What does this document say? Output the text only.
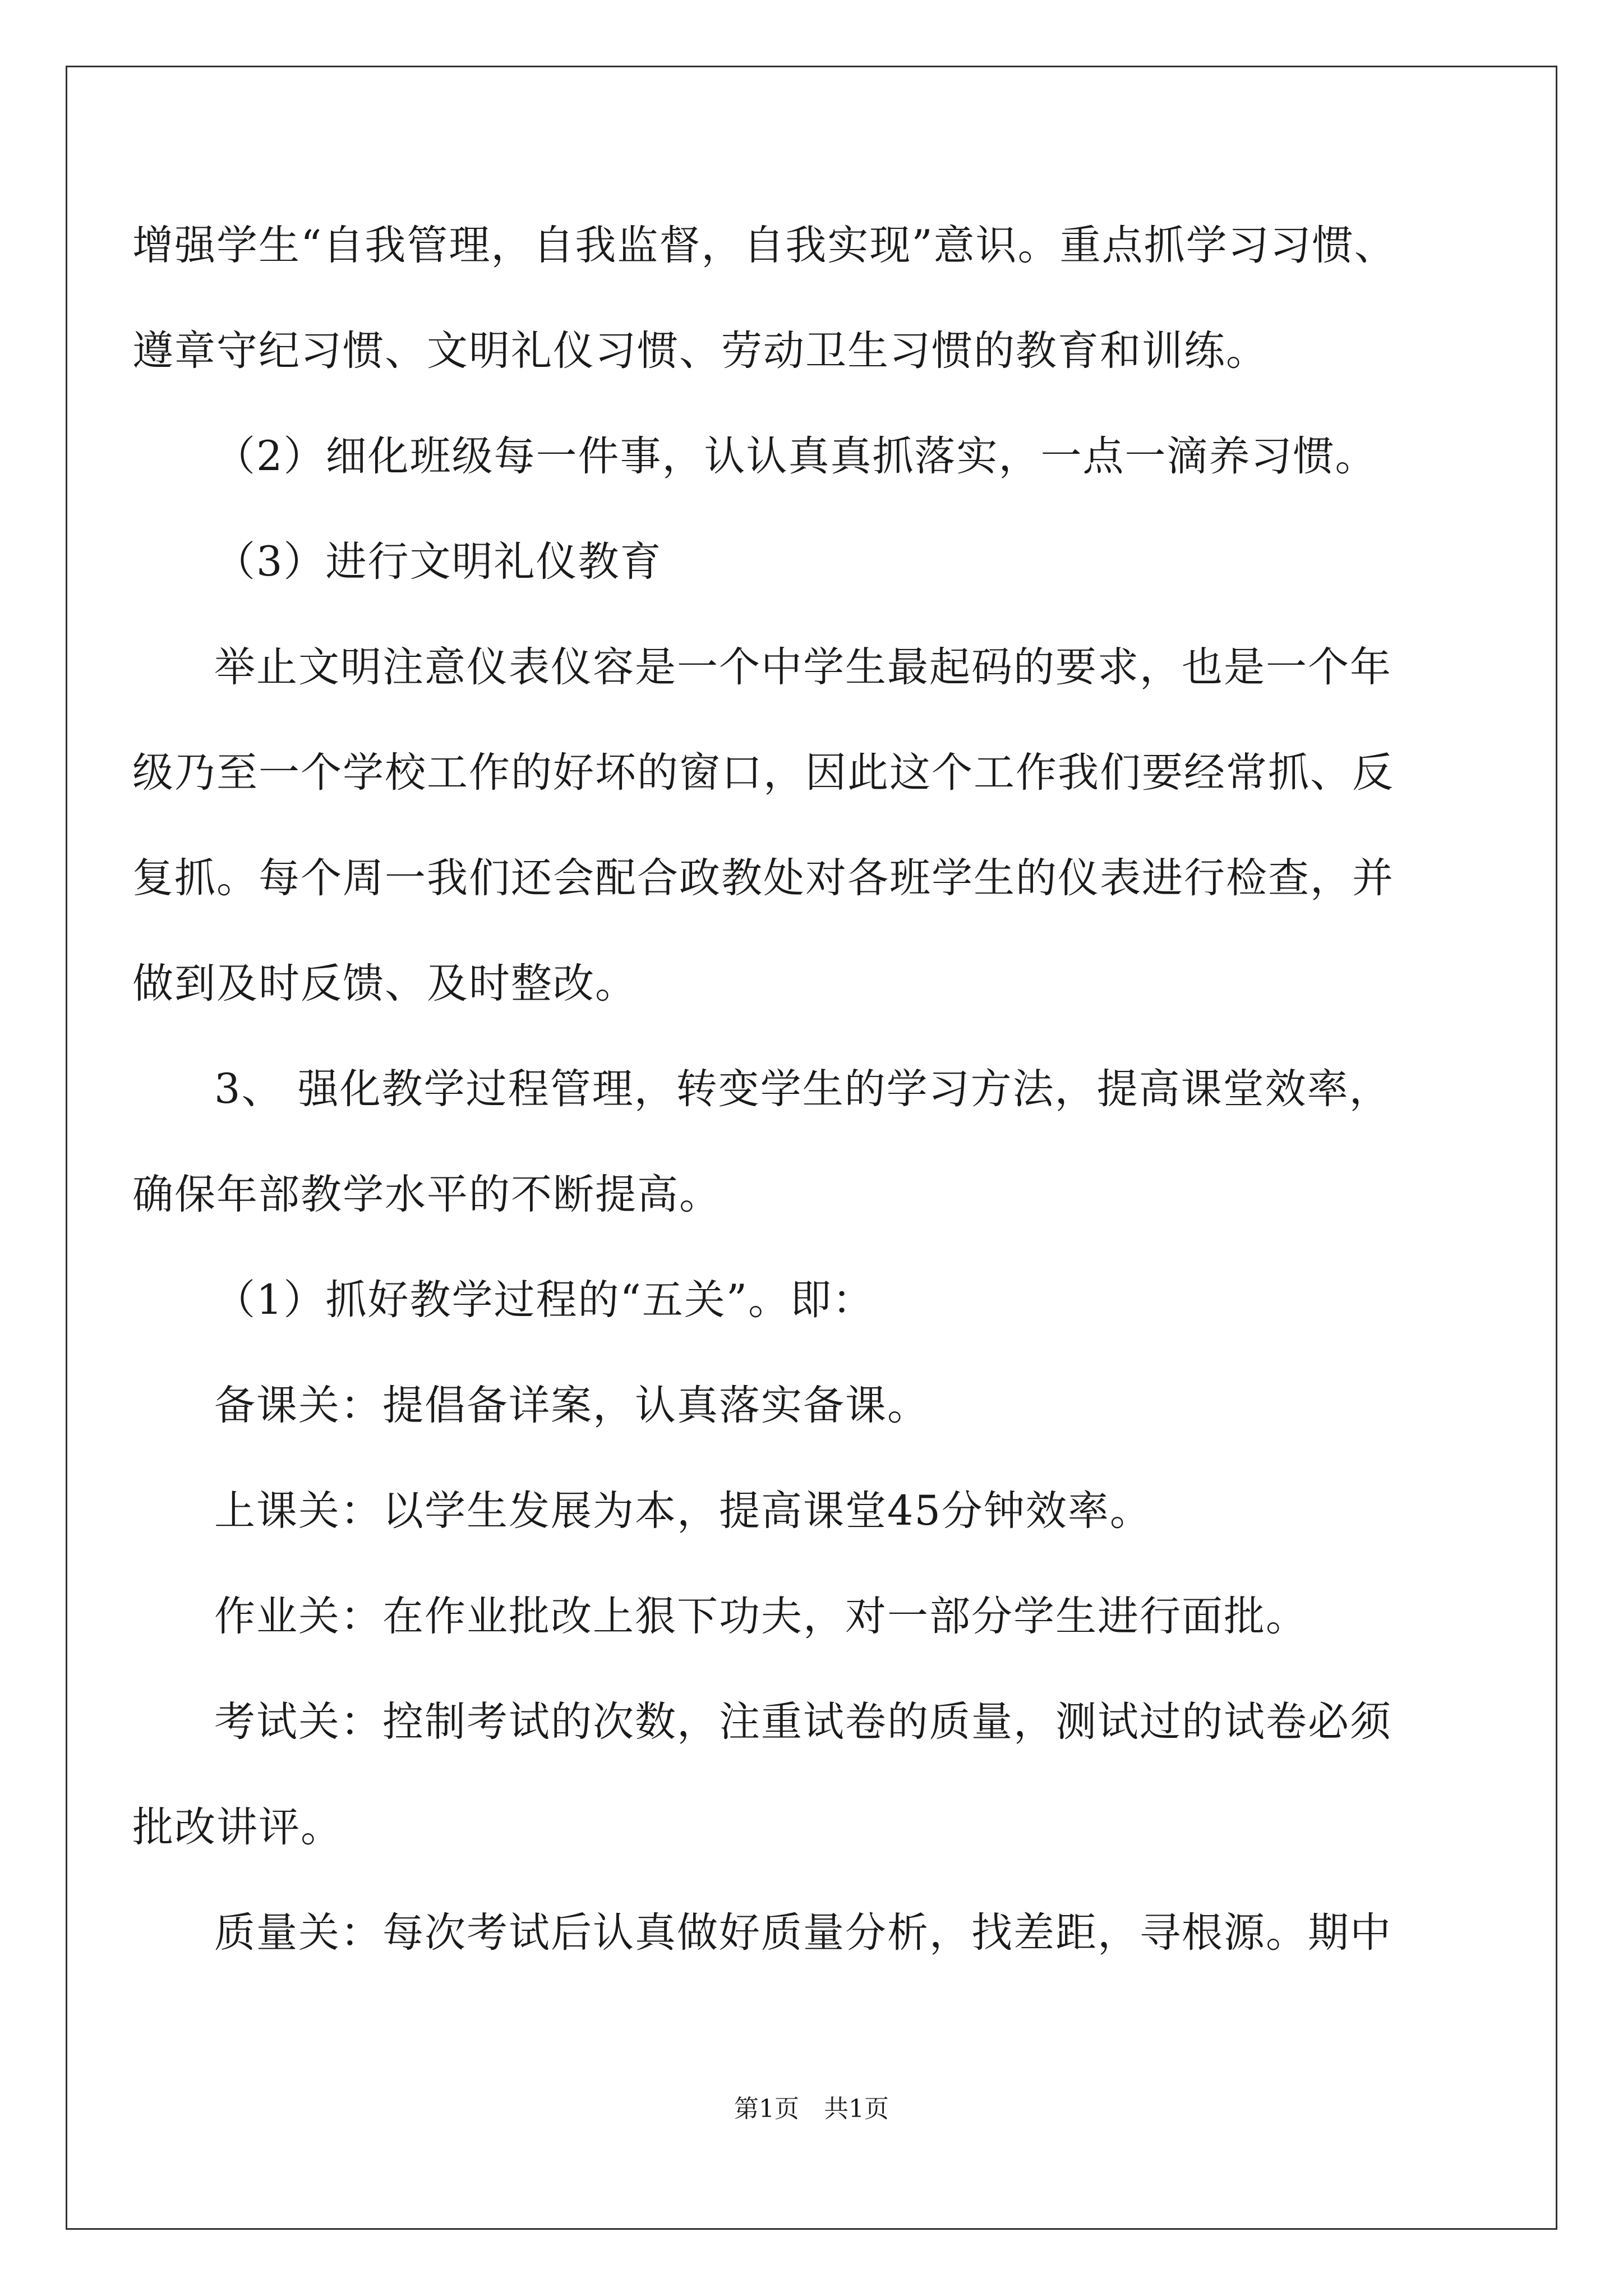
增强学生“自我管理，自我监督，自我实现”意识。重点抓学习习惯、
遵章守纪习惯、文明礼仪习惯、劳动卫生习惯的教育和训练。
（2）细化班级每一件事，认认真真抓落实，一点一滴养习惯。
（3）进行文明礼仪教育
举止文明注意仪表仪容是一个中学生最起码的要求，也是一个年
级乃至一个学校工作的好坏的窗口，因此这个工作我们要经常抓、反
复抓。每个周一我们还会配合政教处对各班学生的仪表进行检查，并
做到及时反馈、及时整改。
3、 强化教学过程管理，转变学生的学习方法，提高课堂效率，
确保年部教学水平的不断提高。
（1）抓好教学过程的“五关”。即：
备课关：提倡备详案，认真落实备课。
上课关：以学生发展为本，提高课堂45分钟效率。
作业关：在作业批改上狠下功夫，对一部分学生进行面批。
考试关：控制考试的次数，注重试卷的质量，测试过的试卷必须
批改讲评。
质量关：每次考试后认真做好质量分析，找差距，寻根源。期中
第1页 共1页
